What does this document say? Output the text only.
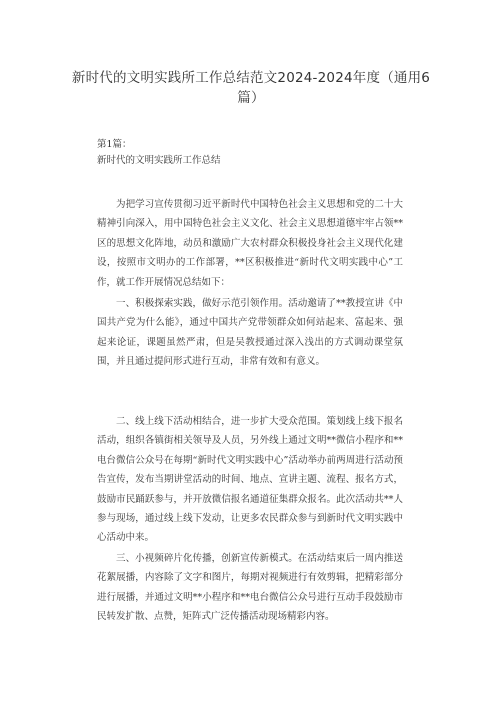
新时代的文明实践所工作总结范文2024-2024年度（通用6篇）
第1篇：
新时代的文明实践所工作总结

为把学习宣传贯彻习近平新时代中国特色社会主义思想和党的二十大精神引向深入，用中国特色社会主义文化、社会主义思想道德牢牢占领**区的思想文化阵地，动员和激励广大农村群众积极投身社会主义现代化建设，按照市文明办的工作部署，**区积极推进“新时代文明实践中心”工作，就工作开展情况总结如下：

一、积极探索实践，做好示范引领作用。活动邀请了**教授宣讲《中国共产党为什么能》，通过中国共产党带领群众如何站起来、富起来、强起来论证，课题虽然严肃，但是吴教授通过深入浅出的方式调动课堂氛围，并且通过提问形式进行互动，非常有效和有意义。

二、线上线下活动相结合，进一步扩大受众范围。策划线上线下报名活动，组织各镇街相关领导及人员，另外线上通过文明**微信小程序和**电台微信公众号在每期“新时代文明实践中心”活动举办前两周进行活动预告宣传，发布当期讲堂活动的时间、地点、宣讲主题、流程、报名方式，鼓励市民踊跃参与，并开放微信报名通道征集群众报名。此次活动共**人参与现场，通过线上线下发动，让更多农民群众参与到新时代文明实践中心活动中来。

三、小视频碎片化传播，创新宣传新模式。在活动结束后一周内推送花絮展播，内容除了文字和图片，每期对视频进行有效剪辑，把精彩部分进行展播，并通过文明**小程序和**电台微信公众号进行互动手段鼓励市民转发扩散、点赞，矩阵式广泛传播活动现场精彩内容。
